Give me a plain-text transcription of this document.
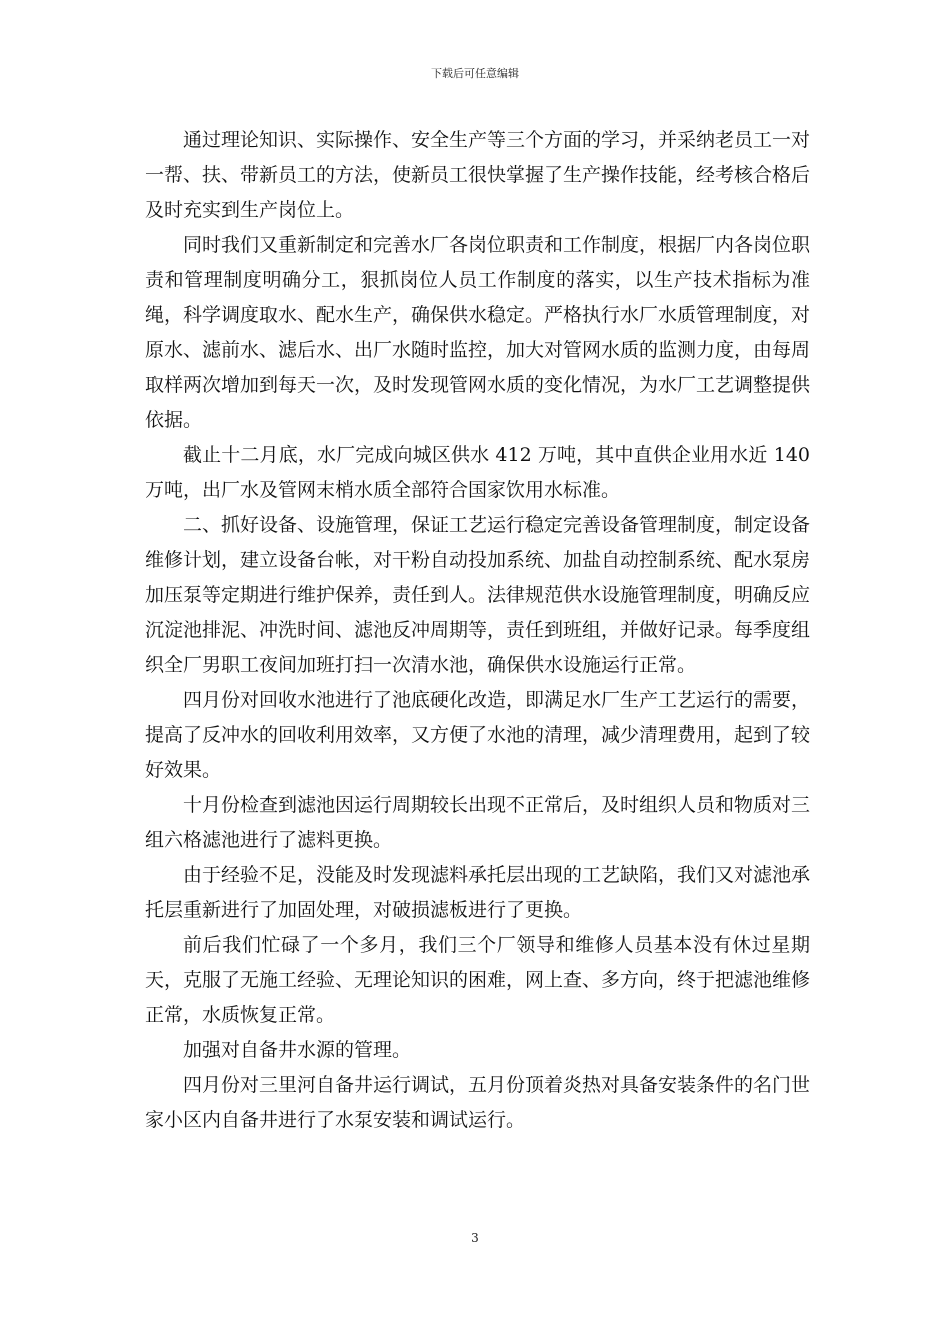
下载后可任意编辑

通过理论知识、实际操作、安全生产等三个方面的学习，并采纳老员工一对一帮、扶、带新员工的方法，使新员工很快掌握了生产操作技能，经考核合格后及时充实到生产岗位上。

同时我们又重新制定和完善水厂各岗位职责和工作制度，根据厂内各岗位职责和管理制度明确分工，狠抓岗位人员工作制度的落实，以生产技术指标为准绳，科学调度取水、配水生产，确保供水稳定。严格执行水厂水质管理制度，对原水、滤前水、滤后水、出厂水随时监控，加大对管网水质的监测力度，由每周取样两次增加到每天一次，及时发现管网水质的变化情况，为水厂工艺调整提供依据。

截止十二月底，水厂完成向城区供水 412 万吨，其中直供企业用水近 140 万吨，出厂水及管网末梢水质全部符合国家饮用水标准。

二、抓好设备、设施管理，保证工艺运行稳定完善设备管理制度，制定设备维修计划，建立设备台帐，对干粉自动投加系统、加盐自动控制系统、配水泵房加压泵等定期进行维护保养，责任到人。法律规范供水设施管理制度，明确反应沉淀池排泥、冲洗时间、滤池反冲周期等，责任到班组，并做好记录。每季度组织全厂男职工夜间加班打扫一次清水池，确保供水设施运行正常。

四月份对回收水池进行了池底硬化改造，即满足水厂生产工艺运行的需要，提高了反冲水的回收利用效率，又方便了水池的清理，减少清理费用，起到了较好效果。

十月份检查到滤池因运行周期较长出现不正常后，及时组织人员和物质对三组六格滤池进行了滤料更换。

由于经验不足，没能及时发现滤料承托层出现的工艺缺陷，我们又对滤池承托层重新进行了加固处理，对破损滤板进行了更换。

前后我们忙碌了一个多月，我们三个厂领导和维修人员基本没有休过星期天，克服了无施工经验、无理论知识的困难，网上查、多方向，终于把滤池维修正常，水质恢复正常。

加强对自备井水源的管理。

四月份对三里河自备井运行调试，五月份顶着炎热对具备安装条件的名门世家小区内自备井进行了水泵安装和调试运行。

3
